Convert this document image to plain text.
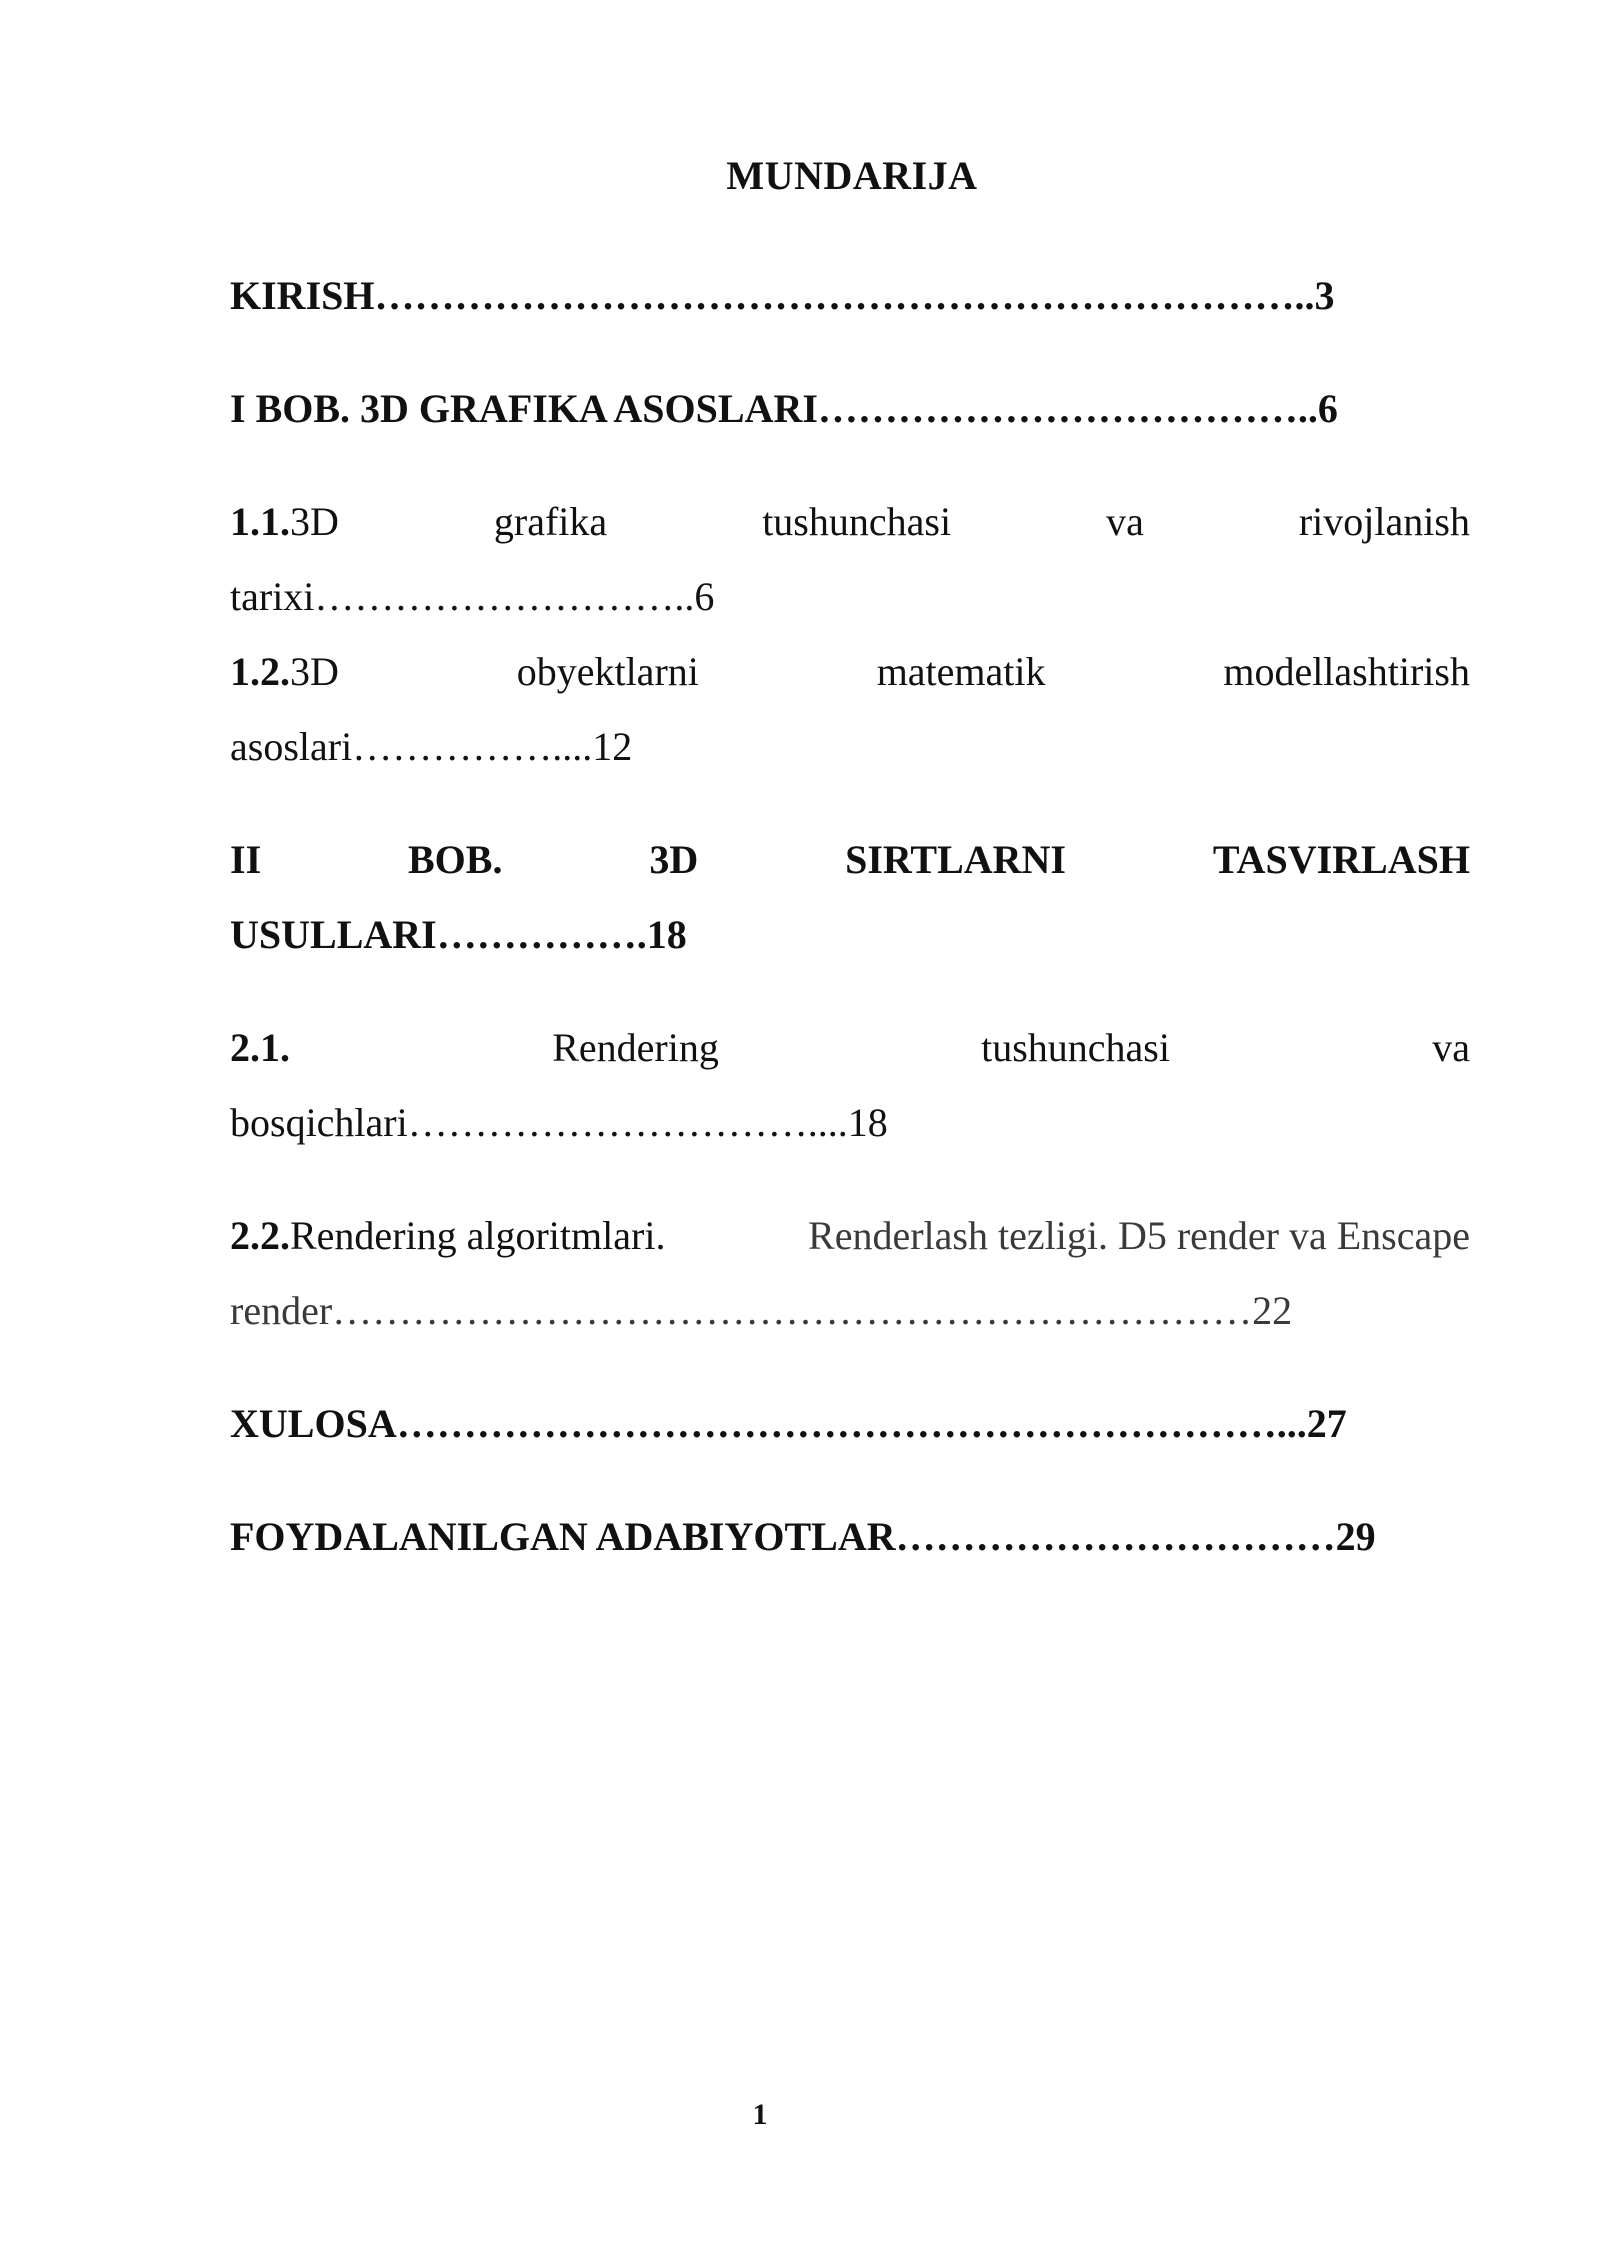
MUNDARIJA
KIRISH……………………………………………………………..3
I BOB. 3D GRAFIKA ASOSLARI………………………………..6
1.1.3D	grafika	tushunchasi	va	rivojlanish
tarixi………………………..6
1.2.3D	obyektlarni	matematik	modellashtirish
asoslari……………....12
II	BOB.	3D	SIRTLARNI	TASVIRLASH
USULLARI…………….18
2.1.	Rendering	tushunchasi	va
bosqichlari…………………………....18
2.2.Rendering algoritmlari.	Renderlash tezligi. D5 render va Enscape
render……………………………………………………………22
XULOSA…………………………………………………………...27
FOYDALANILGAN ADABIYOTLAR……………………………29
1
